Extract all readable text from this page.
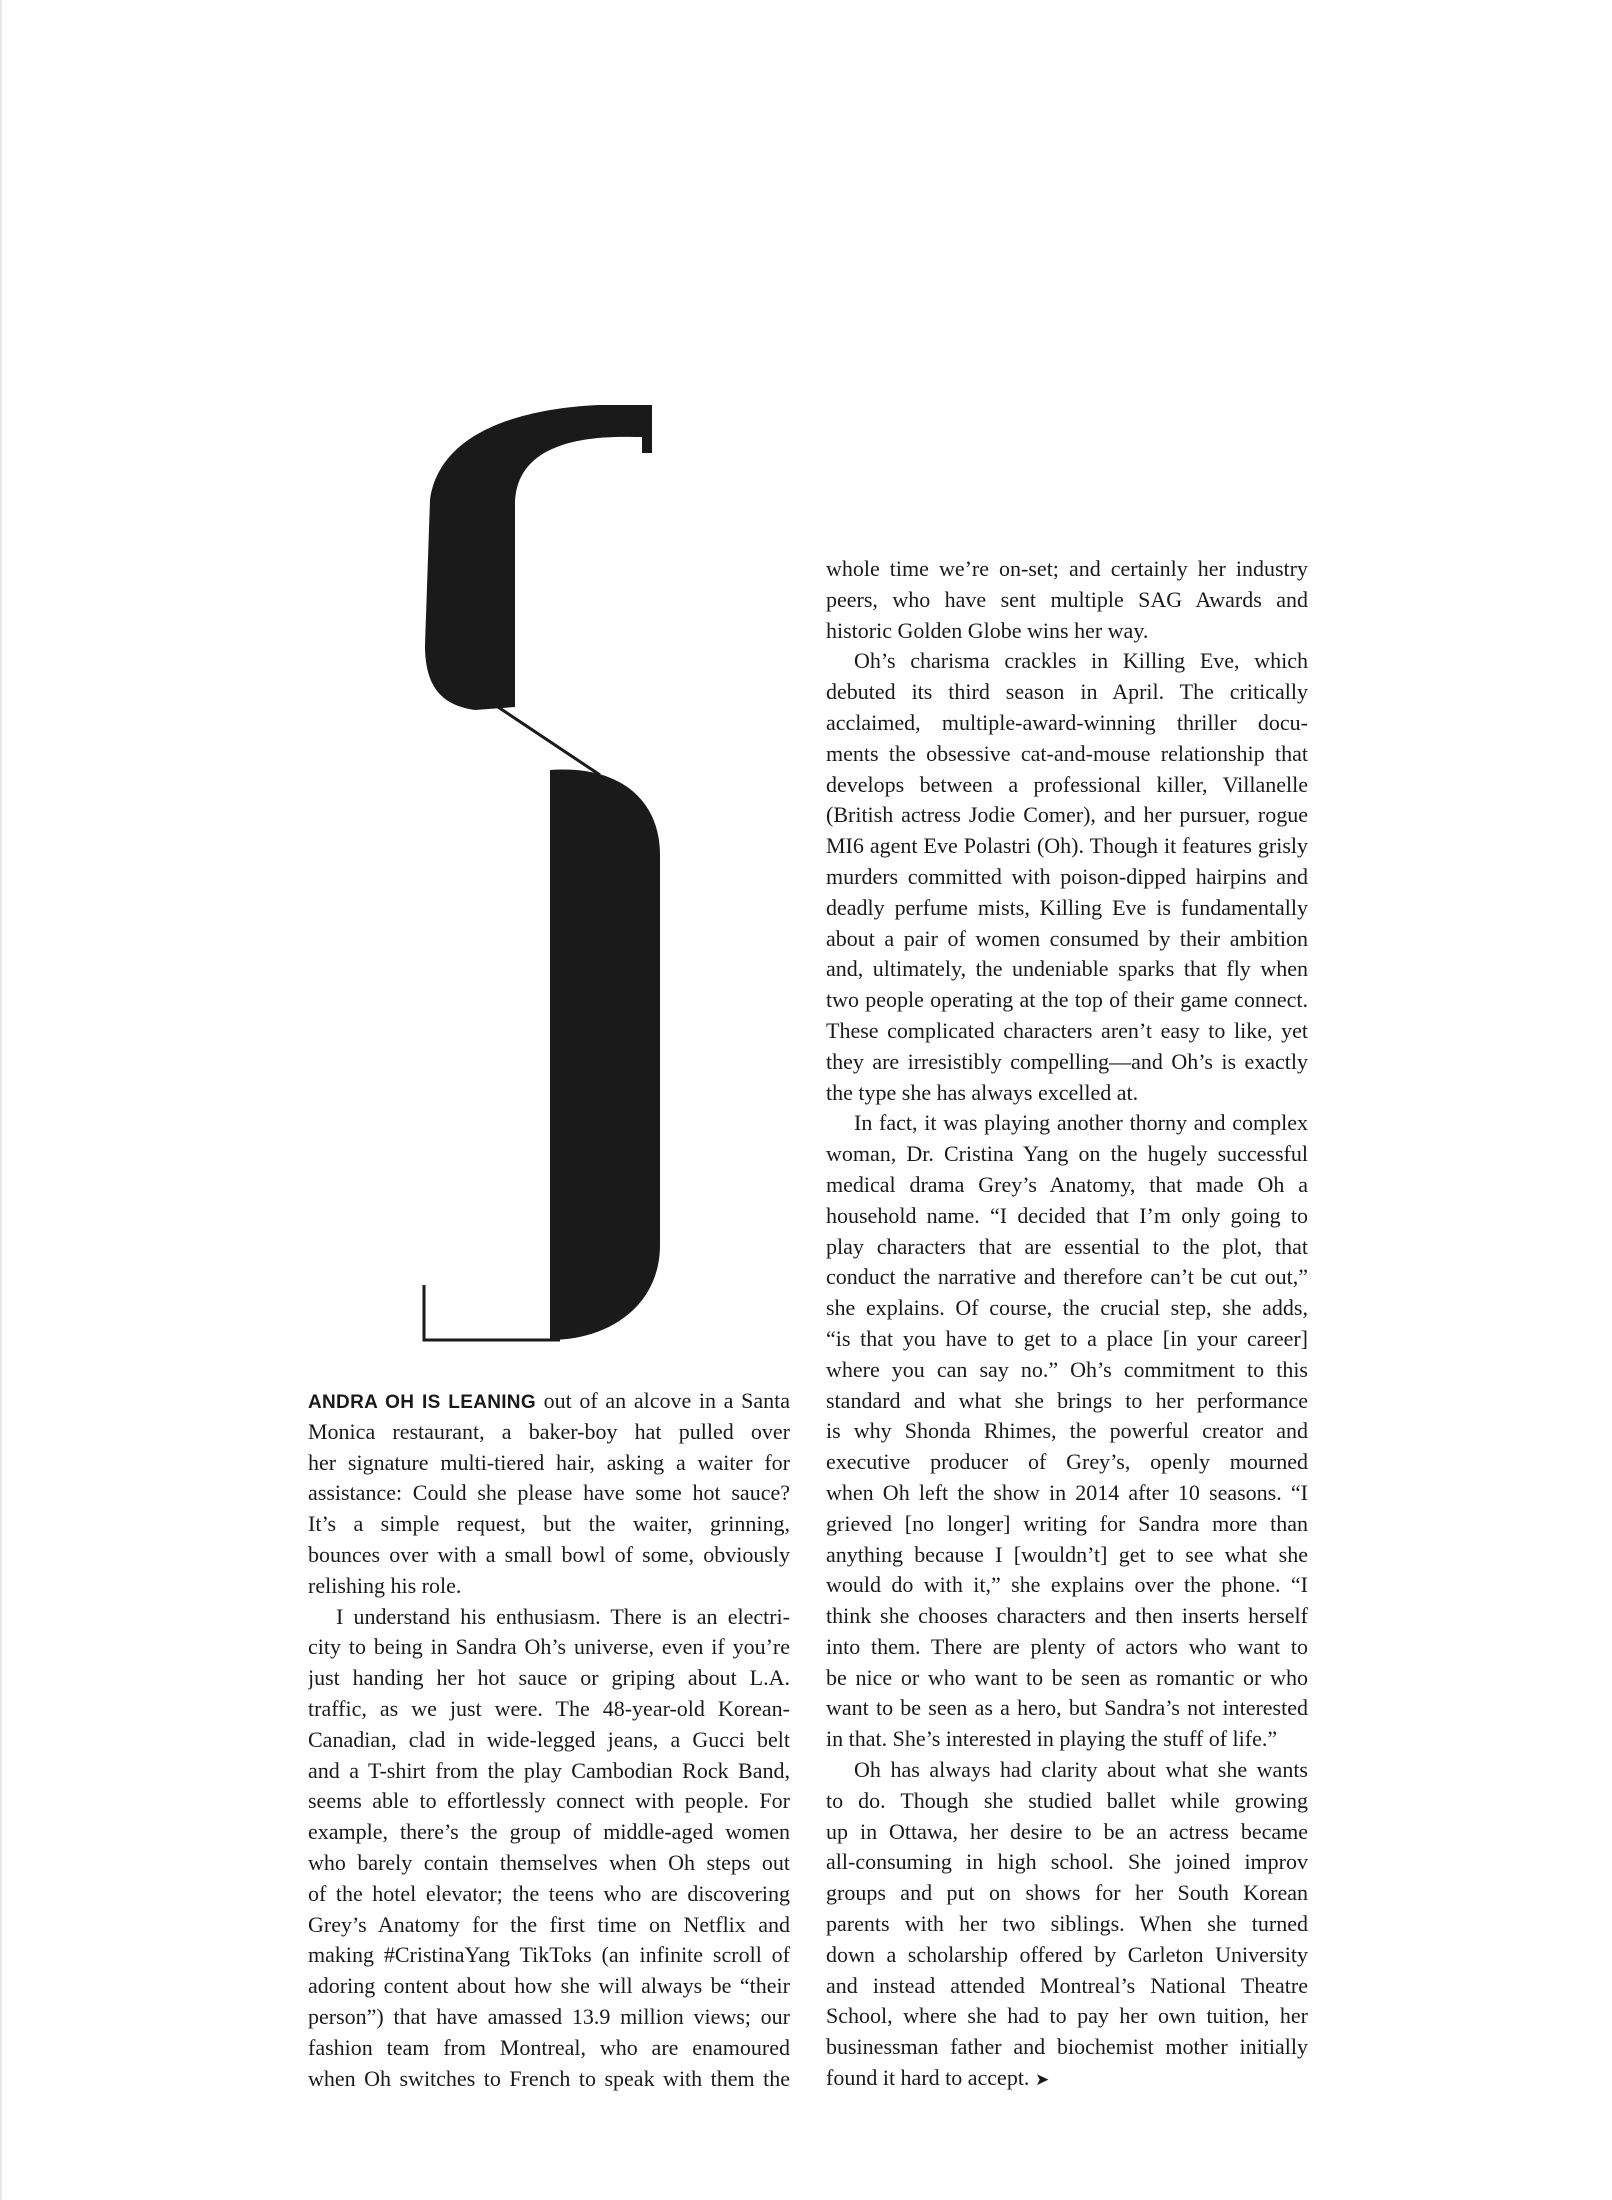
S
ANDRA OH IS LEANING out of an alcove in a Santa
Monica restaurant, a baker-boy hat pulled over
her signature multi-tiered hair, asking a waiter for
assistance: Could she please have some hot sauce?
It’s a simple request, but the waiter, grinning,
bounces over with a small bowl of some, obviously
relishing his role.
I understand his enthusiasm. There is an electri-
city to being in Sandra Oh’s universe, even if you’re
just handing her hot sauce or griping about L.A.
traffic, as we just were. The 48-year-old Korean-
Canadian, clad in wide-legged jeans, a Gucci belt
and a T-shirt from the play Cambodian Rock Band,
seems able to effortlessly connect with people. For
example, there’s the group of middle-aged women
who barely contain themselves when Oh steps out
of the hotel elevator; the teens who are discovering
Grey’s Anatomy for the first time on Netflix and
making #CristinaYang TikToks (an infinite scroll of
adoring content about how she will always be “their
person”) that have amassed 13.9 million views; our
fashion team from Montreal, who are enamoured
when Oh switches to French to speak with them the
whole time we’re on-set; and certainly her industry
peers, who have sent multiple SAG Awards and
historic Golden Globe wins her way.
Oh’s charisma crackles in Killing Eve, which
debuted its third season in April. The critically
acclaimed, multiple-award-winning thriller docu-
ments the obsessive cat-and-mouse relationship that
develops between a professional killer, Villanelle
(British actress Jodie Comer), and her pursuer, rogue
MI6 agent Eve Polastri (Oh). Though it features grisly
murders committed with poison-dipped hairpins and
deadly perfume mists, Killing Eve is fundamentally
about a pair of women consumed by their ambition
and, ultimately, the undeniable sparks that fly when
two people operating at the top of their game connect.
These complicated characters aren’t easy to like, yet
they are irresistibly compelling—and Oh’s is exactly
the type she has always excelled at.
In fact, it was playing another thorny and complex
woman, Dr. Cristina Yang on the hugely successful
medical drama Grey’s Anatomy, that made Oh a
household name. “I decided that I’m only going to
play characters that are essential to the plot, that
conduct the narrative and therefore can’t be cut out,”
she explains. Of course, the crucial step, she adds,
“is that you have to get to a place [in your career]
where you can say no.” Oh’s commitment to this
standard and what she brings to her performance
is why Shonda Rhimes, the powerful creator and
executive producer of Grey’s, openly mourned
when Oh left the show in 2014 after 10 seasons. “I
grieved [no longer] writing for Sandra more than
anything because I [wouldn’t] get to see what she
would do with it,” she explains over the phone. “I
think she chooses characters and then inserts herself
into them. There are plenty of actors who want to
be nice or who want to be seen as romantic or who
want to be seen as a hero, but Sandra’s not interested
in that. She’s interested in playing the stuff of life.”
Oh has always had clarity about what she wants
to do. Though she studied ballet while growing
up in Ottawa, her desire to be an actress became
all-consuming in high school. She joined improv
groups and put on shows for her South Korean
parents with her two siblings. When she turned
down a scholarship offered by Carleton University
and instead attended Montreal’s National Theatre
School, where she had to pay her own tuition, her
businessman father and biochemist mother initially
found it hard to accept. ➤
